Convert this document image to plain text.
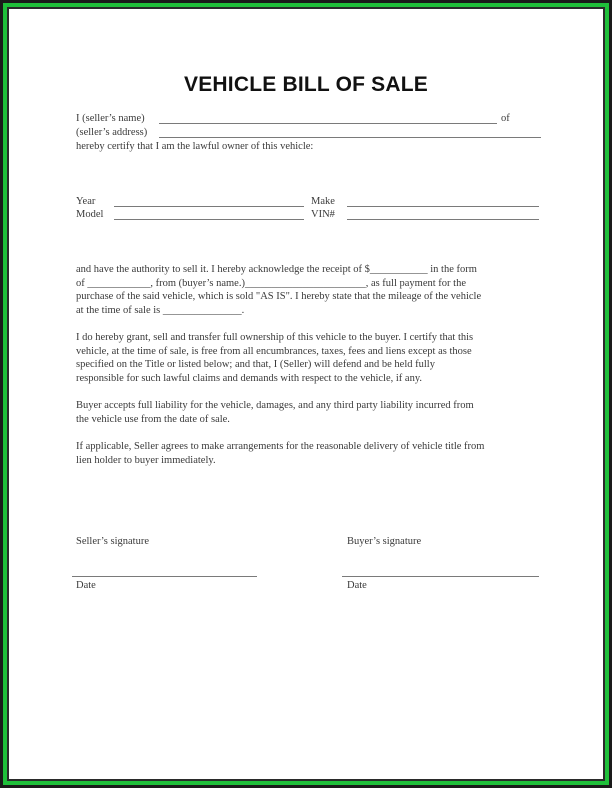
VEHICLE BILL OF SALE
I (seller’s name)	of
(seller’s address)
hereby certify that I am the lawful owner of this vehicle:
Year	Make
Model	VIN#
and have the authority to sell it. I hereby acknowledge the receipt of $___________ in the form
of ____________, from (buyer’s name.)_______________________, as full payment for the
purchase of the said vehicle, which is sold "AS IS". I hereby state that the mileage of the vehicle
at the time of sale is _______________.
I do hereby grant, sell and transfer full ownership of this vehicle to the buyer. I certify that this
vehicle, at the time of sale, is free from all encumbrances, taxes, fees and liens except as those
specified on the Title or listed below; and that, I (Seller) will defend and be held fully
responsible for such lawful claims and demands with respect to the vehicle, if any.
Buyer accepts full liability for the vehicle, damages, and any third party liability incurred from
the vehicle use from the date of sale.
If applicable, Seller agrees to make arrangements for the reasonable delivery of vehicle title from
lien holder to buyer immediately.
Seller’s signature	Buyer’s signature
Date	Date
